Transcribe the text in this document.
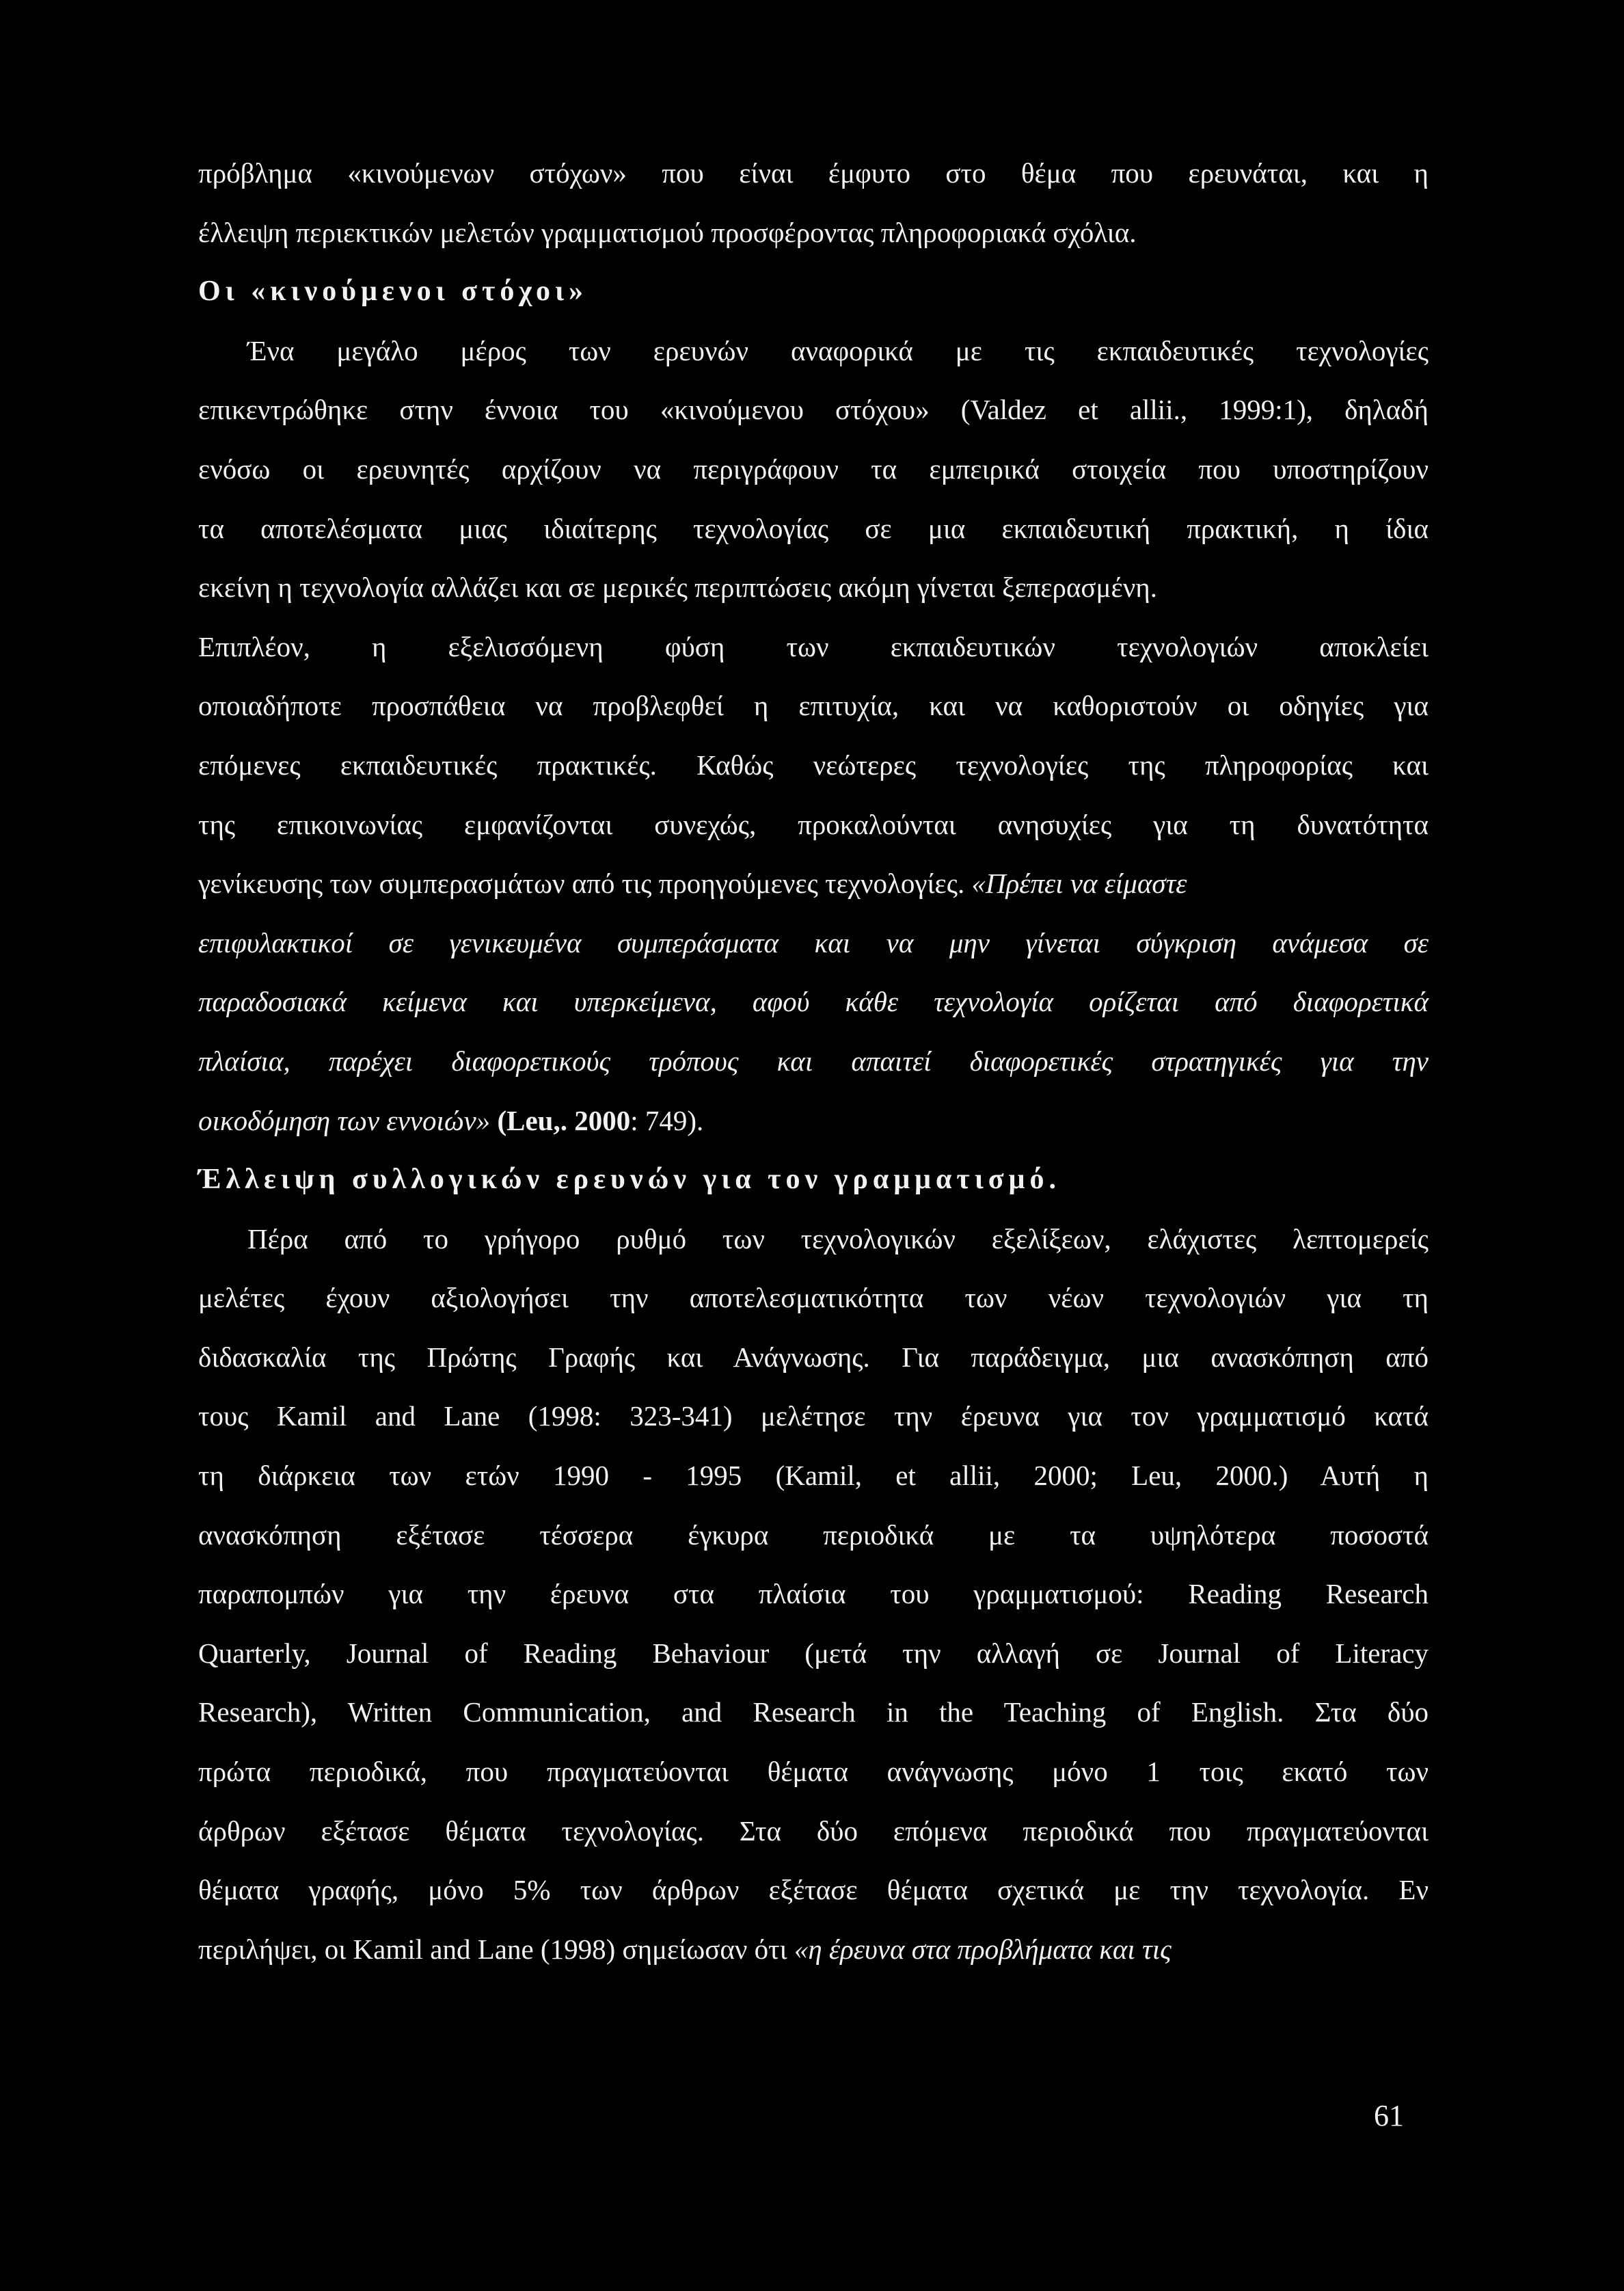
πρόβλημα «κινούμενων στόχων» που είναι έμφυτο στο θέμα που ερευνάται, και η
έλλειψη περιεκτικών μελετών γραμματισμού προσφέροντας πληροφοριακά σχόλια.
Οι «κινούμενοι στόχοι»
Ένα μεγάλο μέρος των ερευνών αναφορικά με τις εκπαιδευτικές τεχνολογίες
επικεντρώθηκε στην έννοια του «κινούμενου στόχου» (Valdez et allii., 1999:1), δηλαδή
ενόσω οι ερευνητές αρχίζουν να περιγράφουν τα εμπειρικά στοιχεία που υποστηρίζουν
τα αποτελέσματα μιας ιδιαίτερης τεχνολογίας σε μια εκπαιδευτική πρακτική, η ίδια
εκείνη η τεχνολογία αλλάζει και σε μερικές περιπτώσεις ακόμη γίνεται ξεπερασμένη.
Επιπλέον, η εξελισσόμενη φύση των εκπαιδευτικών τεχνολογιών αποκλείει
οποιαδήποτε προσπάθεια να προβλεφθεί η επιτυχία, και να καθοριστούν οι οδηγίες για
επόμενες εκπαιδευτικές πρακτικές. Καθώς νεώτερες τεχνολογίες της πληροφορίας και
της επικοινωνίας εμφανίζονται συνεχώς, προκαλούνται ανησυχίες για τη δυνατότητα
γενίκευσης των συμπερασμάτων από τις προηγούμενες τεχνολογίες. «Πρέπει να είμαστε
επιφυλακτικοί σε γενικευμένα συμπεράσματα και να μην γίνεται σύγκριση ανάμεσα σε
παραδοσιακά κείμενα και υπερκείμενα, αφού κάθε τεχνολογία ορίζεται από διαφορετικά
πλαίσια, παρέχει διαφορετικούς τρόπους και απαιτεί διαφορετικές στρατηγικές για την
οικοδόμηση των εννοιών» (Leu,. 2000: 749).
Έλλειψη συλλογικών ερευνών για τον γραμματισμό.
Πέρα από το γρήγορο ρυθμό των τεχνολογικών εξελίξεων, ελάχιστες λεπτομερείς
μελέτες έχουν αξιολογήσει την αποτελεσματικότητα των νέων τεχνολογιών για τη
διδασκαλία της Πρώτης Γραφής και Ανάγνωσης. Για παράδειγμα, μια ανασκόπηση από
τους Kamil and Lane (1998: 323-341) μελέτησε την έρευνα για τον γραμματισμό κατά
τη διάρκεια των ετών 1990 - 1995 (Kamil, et allii, 2000; Leu, 2000.) Αυτή η
ανασκόπηση εξέτασε τέσσερα έγκυρα περιοδικά με τα υψηλότερα ποσοστά
παραπομπών για την έρευνα στα πλαίσια του γραμματισμού: Reading Research
Quarterly, Journal of Reading Behaviour (μετά την αλλαγή σε Journal of Literacy
Research), Written Communication, and Research in the Teaching of English. Στα δύο
πρώτα περιοδικά, που πραγματεύονται θέματα ανάγνωσης μόνο 1 τοις εκατό των
άρθρων εξέτασε θέματα τεχνολογίας. Στα δύο επόμενα περιοδικά που πραγματεύονται
θέματα γραφής, μόνο 5% των άρθρων εξέτασε θέματα σχετικά με την τεχνολογία. Εν
περιλήψει, οι Kamil and Lane (1998) σημείωσαν ότι «η έρευνα στα προβλήματα και τις
61
